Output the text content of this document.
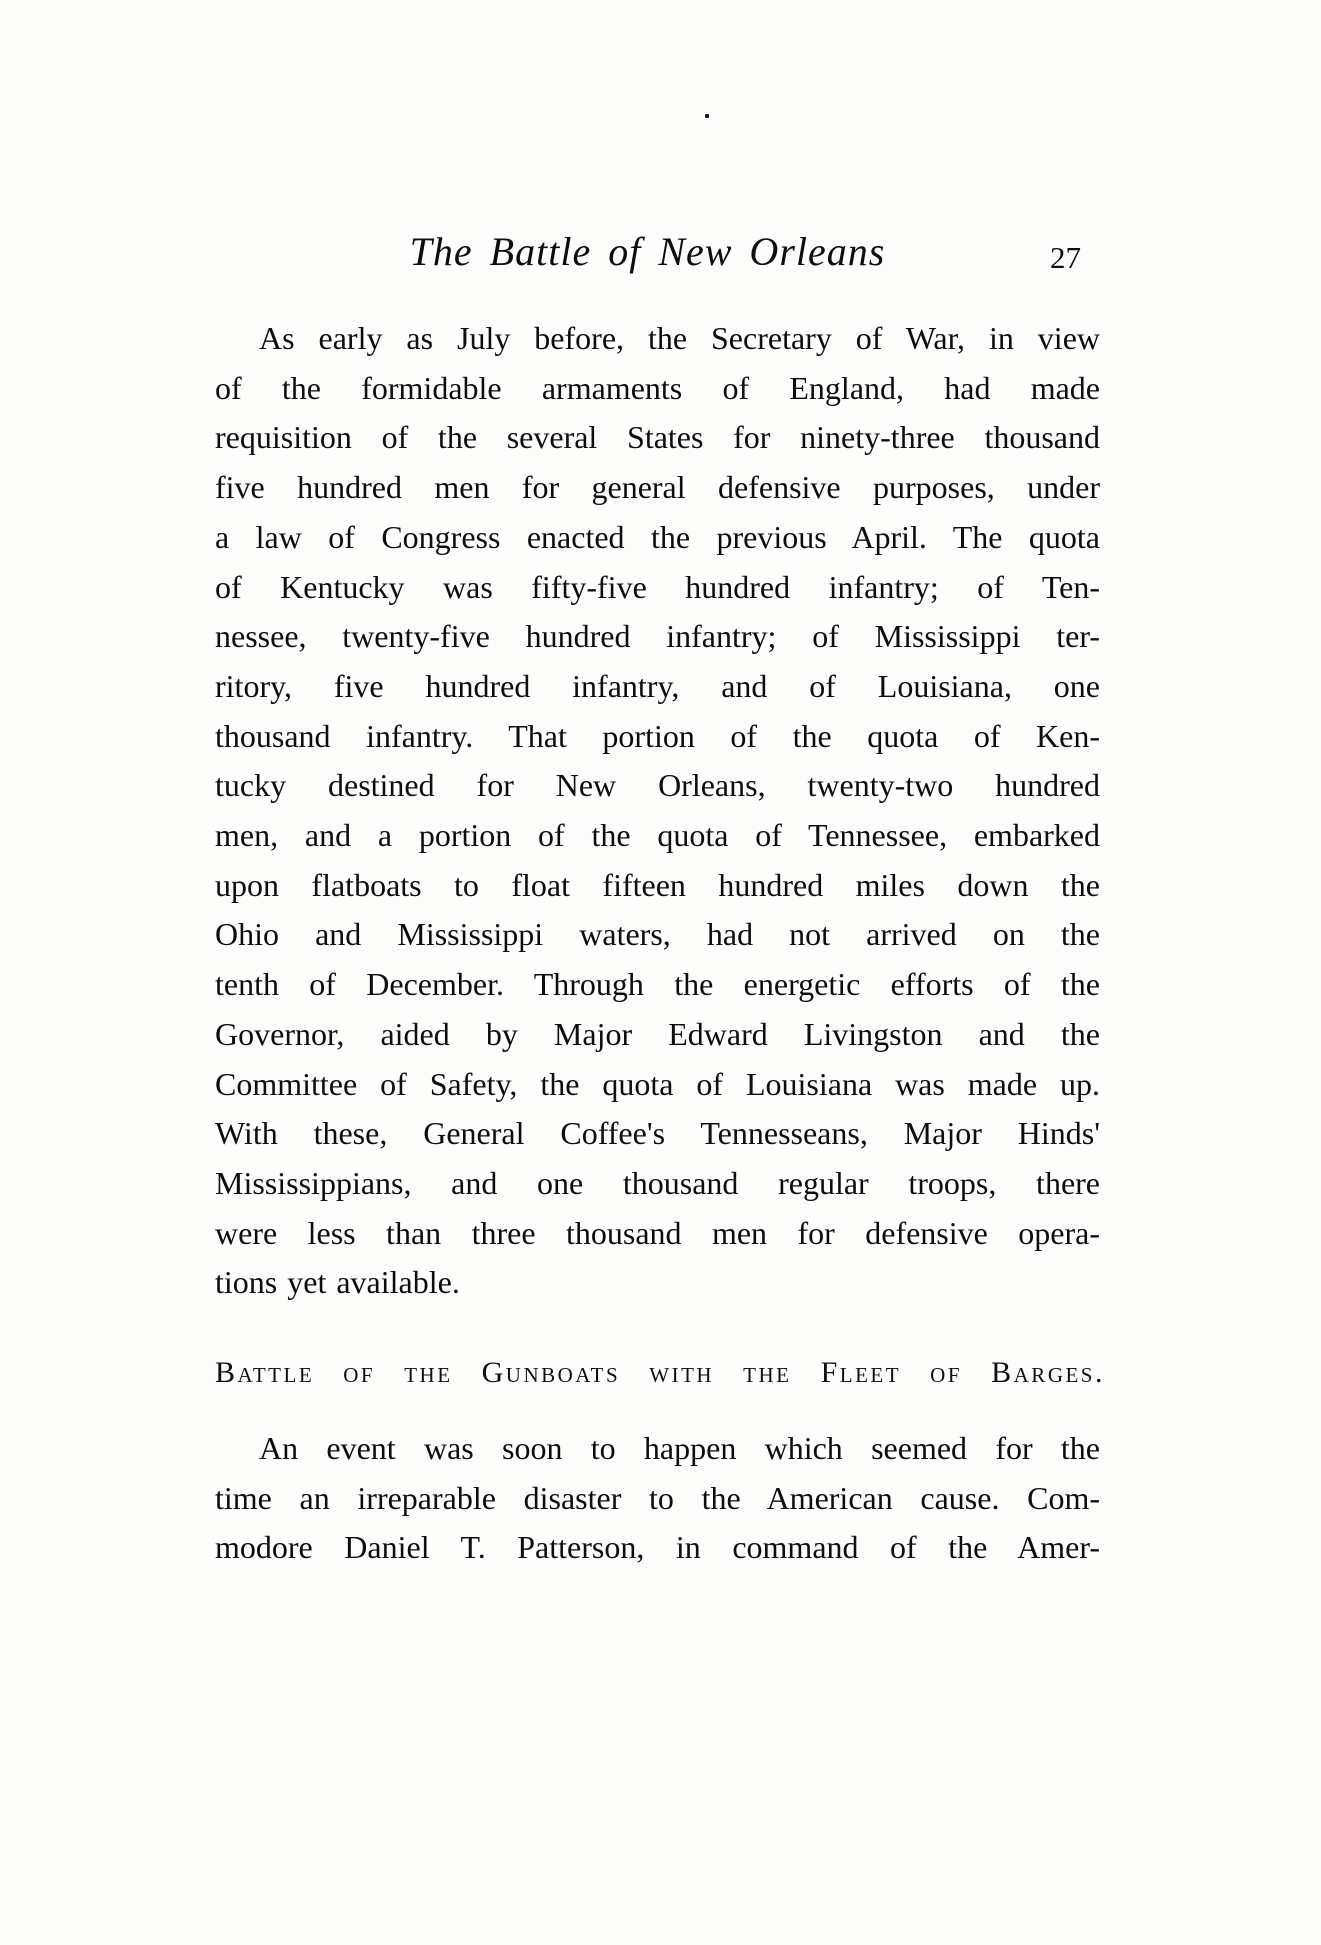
The Battle of New Orleans	27
As early as July before, the Secretary of War, in view
of the formidable armaments of England, had made
requisition of the several States for ninety-three thousand
five hundred men for general defensive purposes, under
a law of Congress enacted the previous April. The quota
of Kentucky was fifty-five hundred infantry; of Ten-
nessee, twenty-five hundred infantry; of Mississippi ter-
ritory, five hundred infantry, and of Louisiana, one
thousand infantry. That portion of the quota of Ken-
tucky destined for New Orleans, twenty-two hundred
men, and a portion of the quota of Tennessee, embarked
upon flatboats to float fifteen hundred miles down the
Ohio and Mississippi waters, had not arrived on the
tenth of December. Through the energetic efforts of the
Governor, aided by Major Edward Livingston and the
Committee of Safety, the quota of Louisiana was made up.
With these, General Coffee's Tennesseans, Major Hinds'
Mississippians, and one thousand regular troops, there
were less than three thousand men for defensive opera-
tions yet available.
Battle of the Gunboats with the Fleet of Barges.
An event was soon to happen which seemed for the
time an irreparable disaster to the American cause. Com-
modore Daniel T. Patterson, in command of the Amer-
